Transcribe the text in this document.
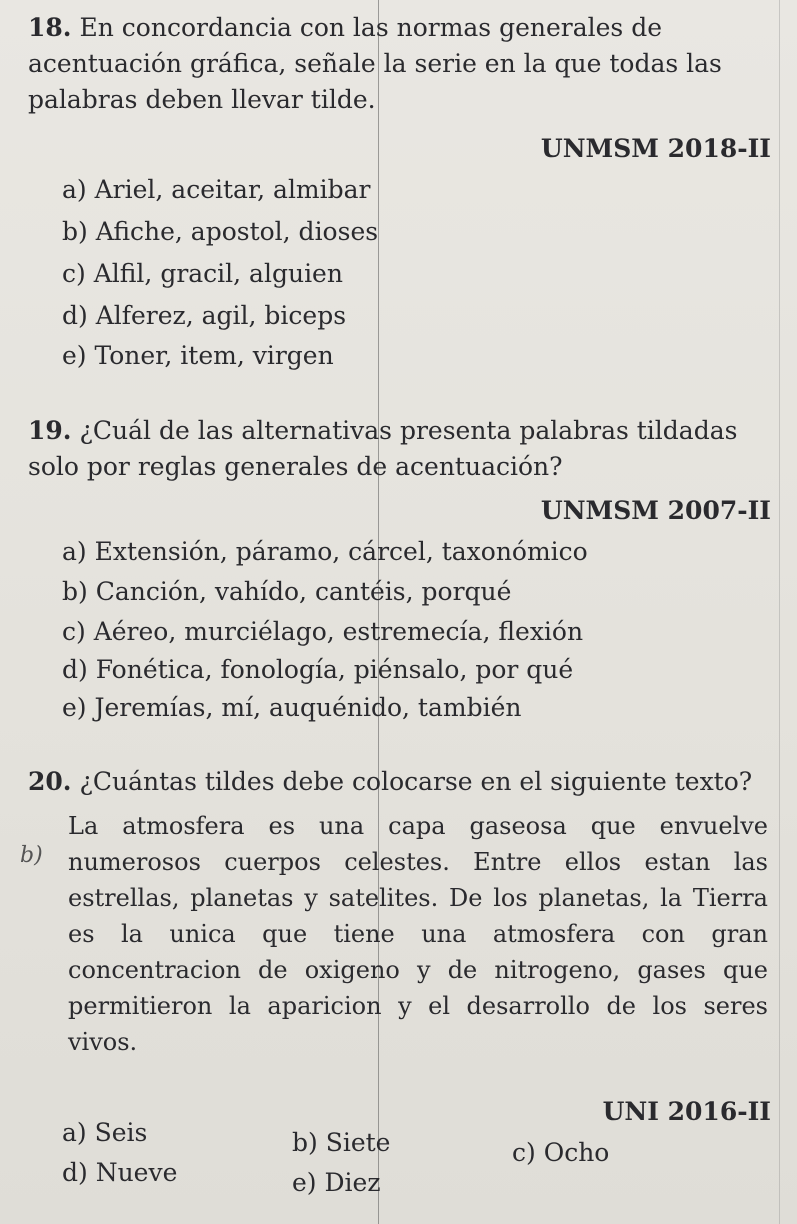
18. En concordancia con las normas generales de acentuación gráfica, señale la serie en la que todas las palabras deben llevar tilde.
UNMSM 2018-II
a) Ariel, aceitar, almibar
b) Afiche, apostol, dioses
c) Alfil, gracil, alguien
d) Alferez, agil, biceps
e) Toner, item, virgen
19. ¿Cuál de las alternativas presenta palabras tildadas solo por reglas generales de acentuación?
UNMSM 2007-II
a) Extensión, páramo, cárcel, taxonómico
b) Canción, vahído, cantéis, porqué
c) Aéreo, murciélago, estremecía, flexión
d) Fonética, fonología, piénsalo, por qué
e) Jeremías, mí, auquénido, también
20. ¿Cuántas tildes debe colocarse en el siguiente texto?
b)
La atmosfera es una capa gaseosa que envuelve numerosos cuerpos celestes. Entre ellos estan las estrellas, planetas y satelites. De los planetas, la Tierra es la unica que tiene una atmosfera con gran concentracion de oxigeno y de nitrogeno, gases que permitieron la aparicion y el desarrollo de los seres vivos.
UNI 2016-II
a) Seis	b) Siete	c) Ocho
d) Nueve	e) Diez
